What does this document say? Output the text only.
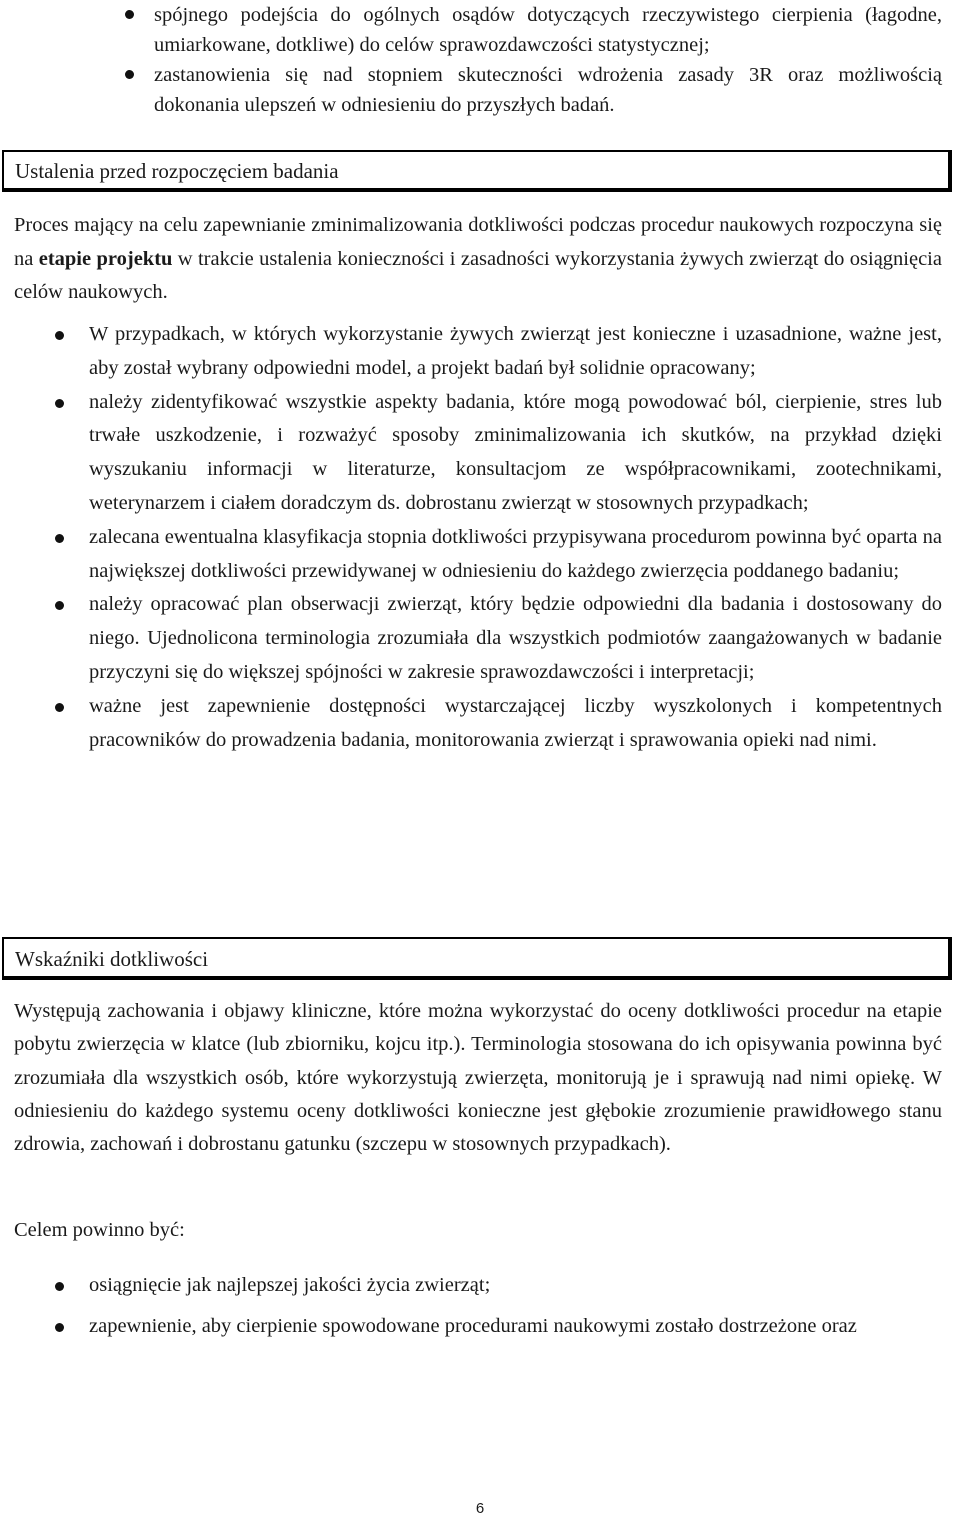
spójnego podejścia do ogólnych osądów dotyczących rzeczywistego cierpienia (łagodne, umiarkowane, dotkliwe) do celów sprawozdawczości statystycznej;
zastanowienia się nad stopniem skuteczności wdrożenia zasady 3R oraz możliwością dokonania ulepszeń w odniesieniu do przyszłych badań.
Ustalenia przed rozpoczęciem badania

Proces mający na celu zapewnianie zminimalizowania dotkliwości podczas procedur naukowych rozpoczyna się na etapie projektu w trakcie ustalenia konieczności i zasadności wykorzystania żywych zwierząt do osiągnięcia celów naukowych.

W przypadkach, w których wykorzystanie żywych zwierząt jest konieczne i uzasadnione, ważne jest, aby został wybrany odpowiedni model, a projekt badań był solidnie opracowany;
należy zidentyfikować wszystkie aspekty badania, które mogą powodować ból, cierpienie, stres lub trwałe uszkodzenie, i rozważyć sposoby zminimalizowania ich skutków, na przykład dzięki wyszukaniu informacji w literaturze, konsultacjom ze współpracownikami, zootechnikami, weterynarzem i ciałem doradczym ds. dobrostanu zwierząt w stosownych przypadkach;
zalecana ewentualna klasyfikacja stopnia dotkliwości przypisywana procedurom powinna być oparta na największej dotkliwości przewidywanej w odniesieniu do każdego zwierzęcia poddanego badaniu;
należy opracować plan obserwacji zwierząt, który będzie odpowiedni dla badania i dostosowany do niego. Ujednolicona terminologia zrozumiała dla wszystkich podmiotów zaangażowanych w badanie przyczyni się do większej spójności w zakresie sprawozdawczości i interpretacji;
ważne jest zapewnienie dostępności wystarczającej liczby wyszkolonych i kompetentnych pracowników do prowadzenia badania, monitorowania zwierząt i sprawowania opieki nad nimi.
Wskaźniki dotkliwości
Występują zachowania i objawy kliniczne, które można wykorzystać do oceny dotkliwości procedur na etapie pobytu zwierzęcia w klatce (lub zbiorniku, kojcu itp.). Terminologia stosowana do ich opisywania powinna być zrozumiała dla wszystkich osób, które wykorzystują zwierzęta, monitorują je i sprawują nad nimi opiekę. W odniesieniu do każdego systemu oceny dotkliwości konieczne jest głębokie zrozumienie prawidłowego stanu zdrowia, zachowań i dobrostanu gatunku (szczepu w stosownych przypadkach).
Celem powinno być:
osiągnięcie jak najlepszej jakości życia zwierząt;
zapewnienie, aby cierpienie spowodowane procedurami naukowymi zostało dostrzeżone oraz
6
